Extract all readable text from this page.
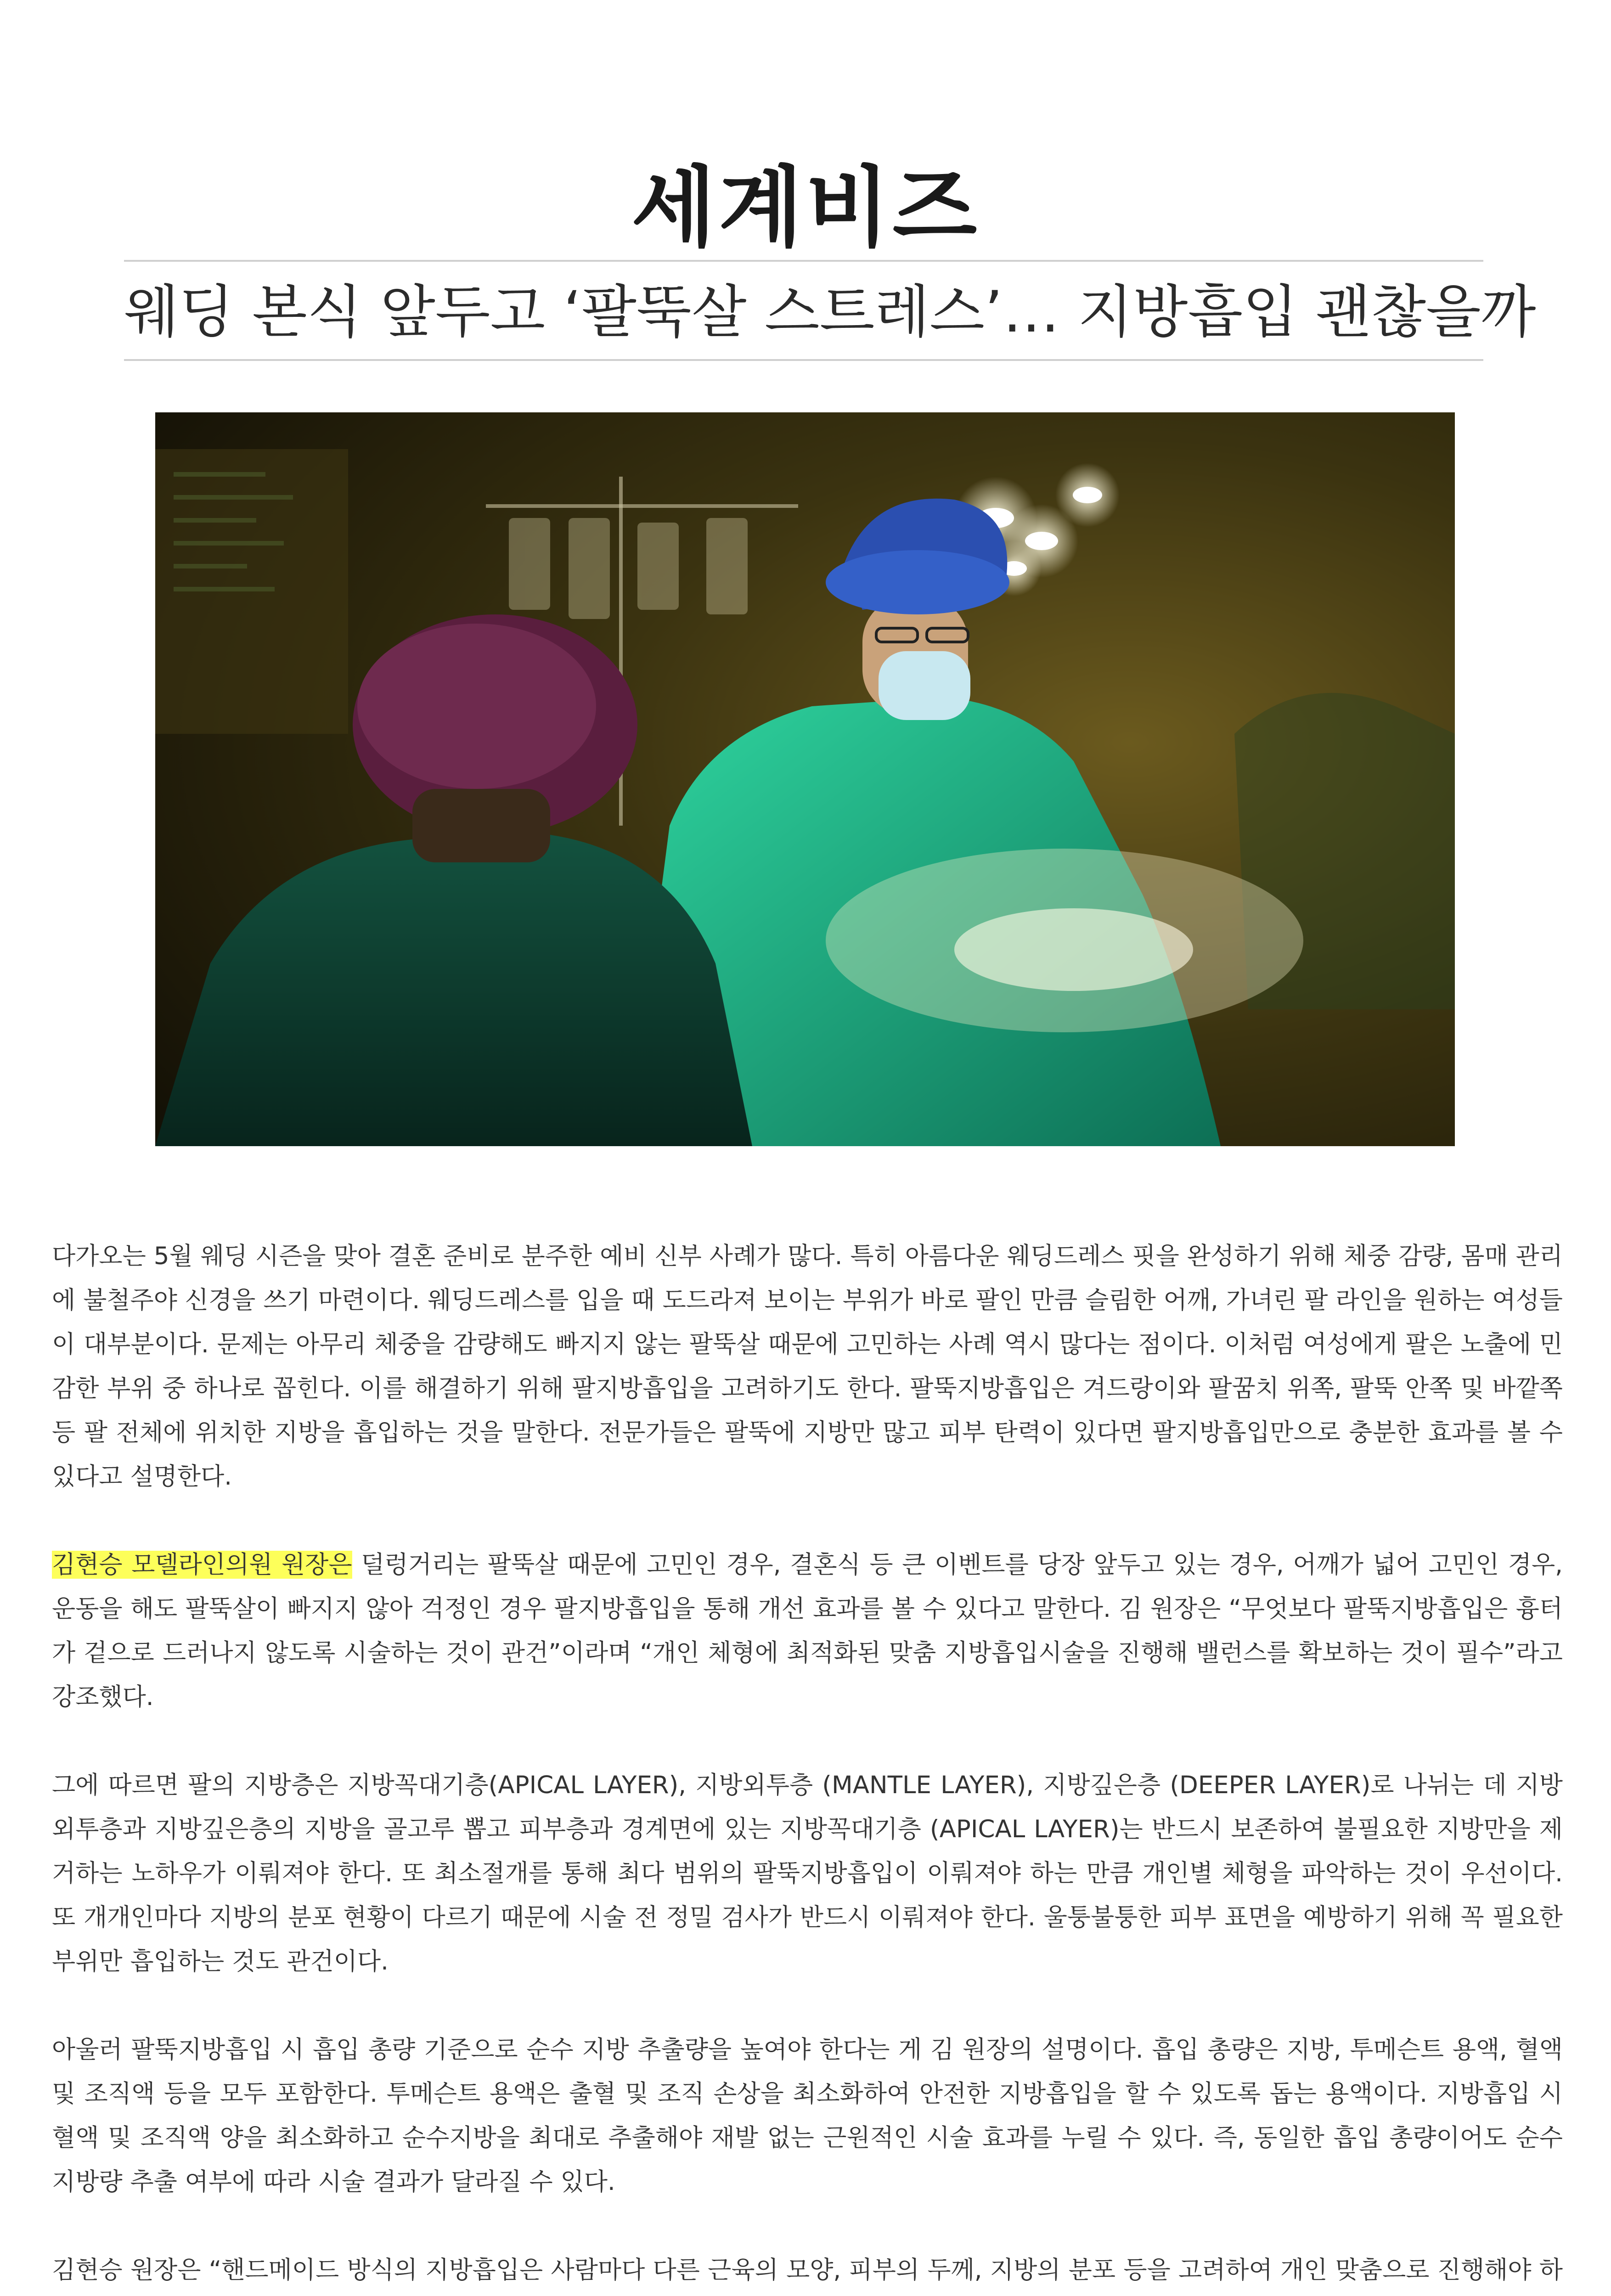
세계비즈
웨딩 본식 앞두고 ‘팔뚝살 스트레스’… 지방흡입 괜찮을까

다가오는 5월 웨딩 시즌을 맞아 결혼 준비로 분주한 예비 신부 사례가 많다. 특히 아름다운 웨딩드레스 핏을 완성하기 위해 체중 감량, 몸매 관리에 불철주야 신경을 쓰기 마련이다. 웨딩드레스를 입을 때 도드라져 보이는 부위가 바로 팔인 만큼 슬림한 어깨, 가녀린 팔 라인을 원하는 여성들이 대부분이다. 문제는 아무리 체중을 감량해도 빠지지 않는 팔뚝살 때문에 고민하는 사례 역시 많다는 점이다. 이처럼 여성에게 팔은 노출에 민감한 부위 중 하나로 꼽힌다. 이를 해결하기 위해 팔지방흡입을 고려하기도 한다. 팔뚝지방흡입은 겨드랑이와 팔꿈치 위쪽, 팔뚝 안쪽 및 바깥쪽 등 팔 전체에 위치한 지방을 흡입하는 것을 말한다. 전문가들은 팔뚝에 지방만 많고 피부 탄력이 있다면 팔지방흡입만으로 충분한 효과를 볼 수 있다고 설명한다.

김현승 모델라인의원 원장은 덜렁거리는 팔뚝살 때문에 고민인 경우, 결혼식 등 큰 이벤트를 당장 앞두고 있는 경우, 어깨가 넓어 고민인 경우, 운동을 해도 팔뚝살이 빠지지 않아 걱정인 경우 팔지방흡입을 통해 개선 효과를 볼 수 있다고 말한다. 김 원장은 “무엇보다 팔뚝지방흡입은 흉터가 겉으로 드러나지 않도록 시술하는 것이 관건”이라며 “개인 체형에 최적화된 맞춤 지방흡입시술을 진행해 밸런스를 확보하는 것이 필수”라고 강조했다.

그에 따르면 팔의 지방층은 지방꼭대기층(APICAL LAYER), 지방외투층 (MANTLE LAYER), 지방깊은층 (DEEPER LAYER)로 나뉘는 데 지방외투층과 지방깊은층의 지방을 골고루 뽑고 피부층과 경계면에 있는 지방꼭대기층 (APICAL LAYER)는 반드시 보존하여 불필요한 지방만을 제거하는 노하우가 이뤄져야 한다. 또 최소절개를 통해 최다 범위의 팔뚝지방흡입이 이뤄져야 하는 만큼 개인별 체형을 파악하는 것이 우선이다. 또 개개인마다 지방의 분포 현황이 다르기 때문에 시술 전 정밀 검사가 반드시 이뤄져야 한다. 울퉁불퉁한 피부 표면을 예방하기 위해 꼭 필요한 부위만 흡입하는 것도 관건이다.

아울러 팔뚝지방흡입 시 흡입 총량 기준으로 순수 지방 추출량을 높여야 한다는 게 김 원장의 설명이다. 흡입 총량은 지방, 투메슨트 용액, 혈액 및 조직액 등을 모두 포함한다. 투메슨트 용액은 출혈 및 조직 손상을 최소화하여 안전한 지방흡입을 할 수 있도록 돕는 용액이다. 지방흡입 시 혈액 및 조직액 양을 최소화하고 순수지방을 최대로 추출해야 재발 없는 근원적인 시술 효과를 누릴 수 있다. 즉, 동일한 흡입 총량이어도 순수 지방량 추출 여부에 따라 시술 결과가 달라질 수 있다.

김현승 원장은 “핸드메이드 방식의 지방흡입은 사람마다 다른 근육의 모양, 피부의 두께, 지방의 분포 등을 고려하여 개인 맞춤으로 진행해야 하
